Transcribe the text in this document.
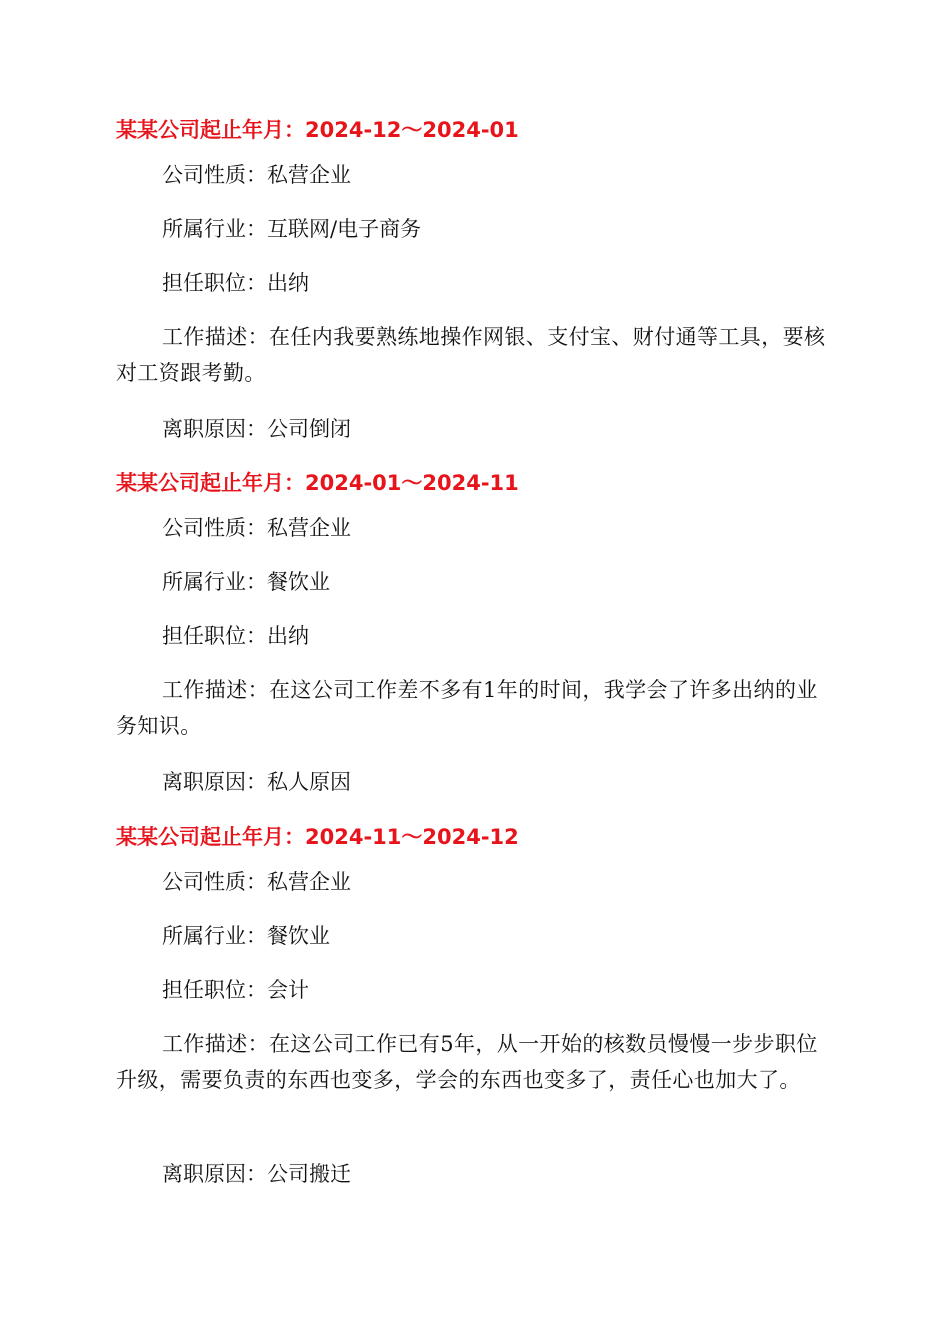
某某公司起止年月：2024-12～2024-01
公司性质：私营企业
所属行业：互联网/电子商务
担任职位：出纳
工作描述：在任内我要熟练地操作网银、支付宝、财付通等工具，要核对工资跟考勤。
离职原因：公司倒闭
某某公司起止年月：2024-01～2024-11
公司性质：私营企业
所属行业：餐饮业
担任职位：出纳
工作描述：在这公司工作差不多有1年的时间，我学会了许多出纳的业务知识。
离职原因：私人原因
某某公司起止年月：2024-11～2024-12
公司性质：私营企业
所属行业：餐饮业
担任职位：会计
工作描述：在这公司工作已有5年，从一开始的核数员慢慢一步步职位升级，需要负责的东西也变多，学会的东西也变多了，责任心也加大了。
离职原因：公司搬迁
